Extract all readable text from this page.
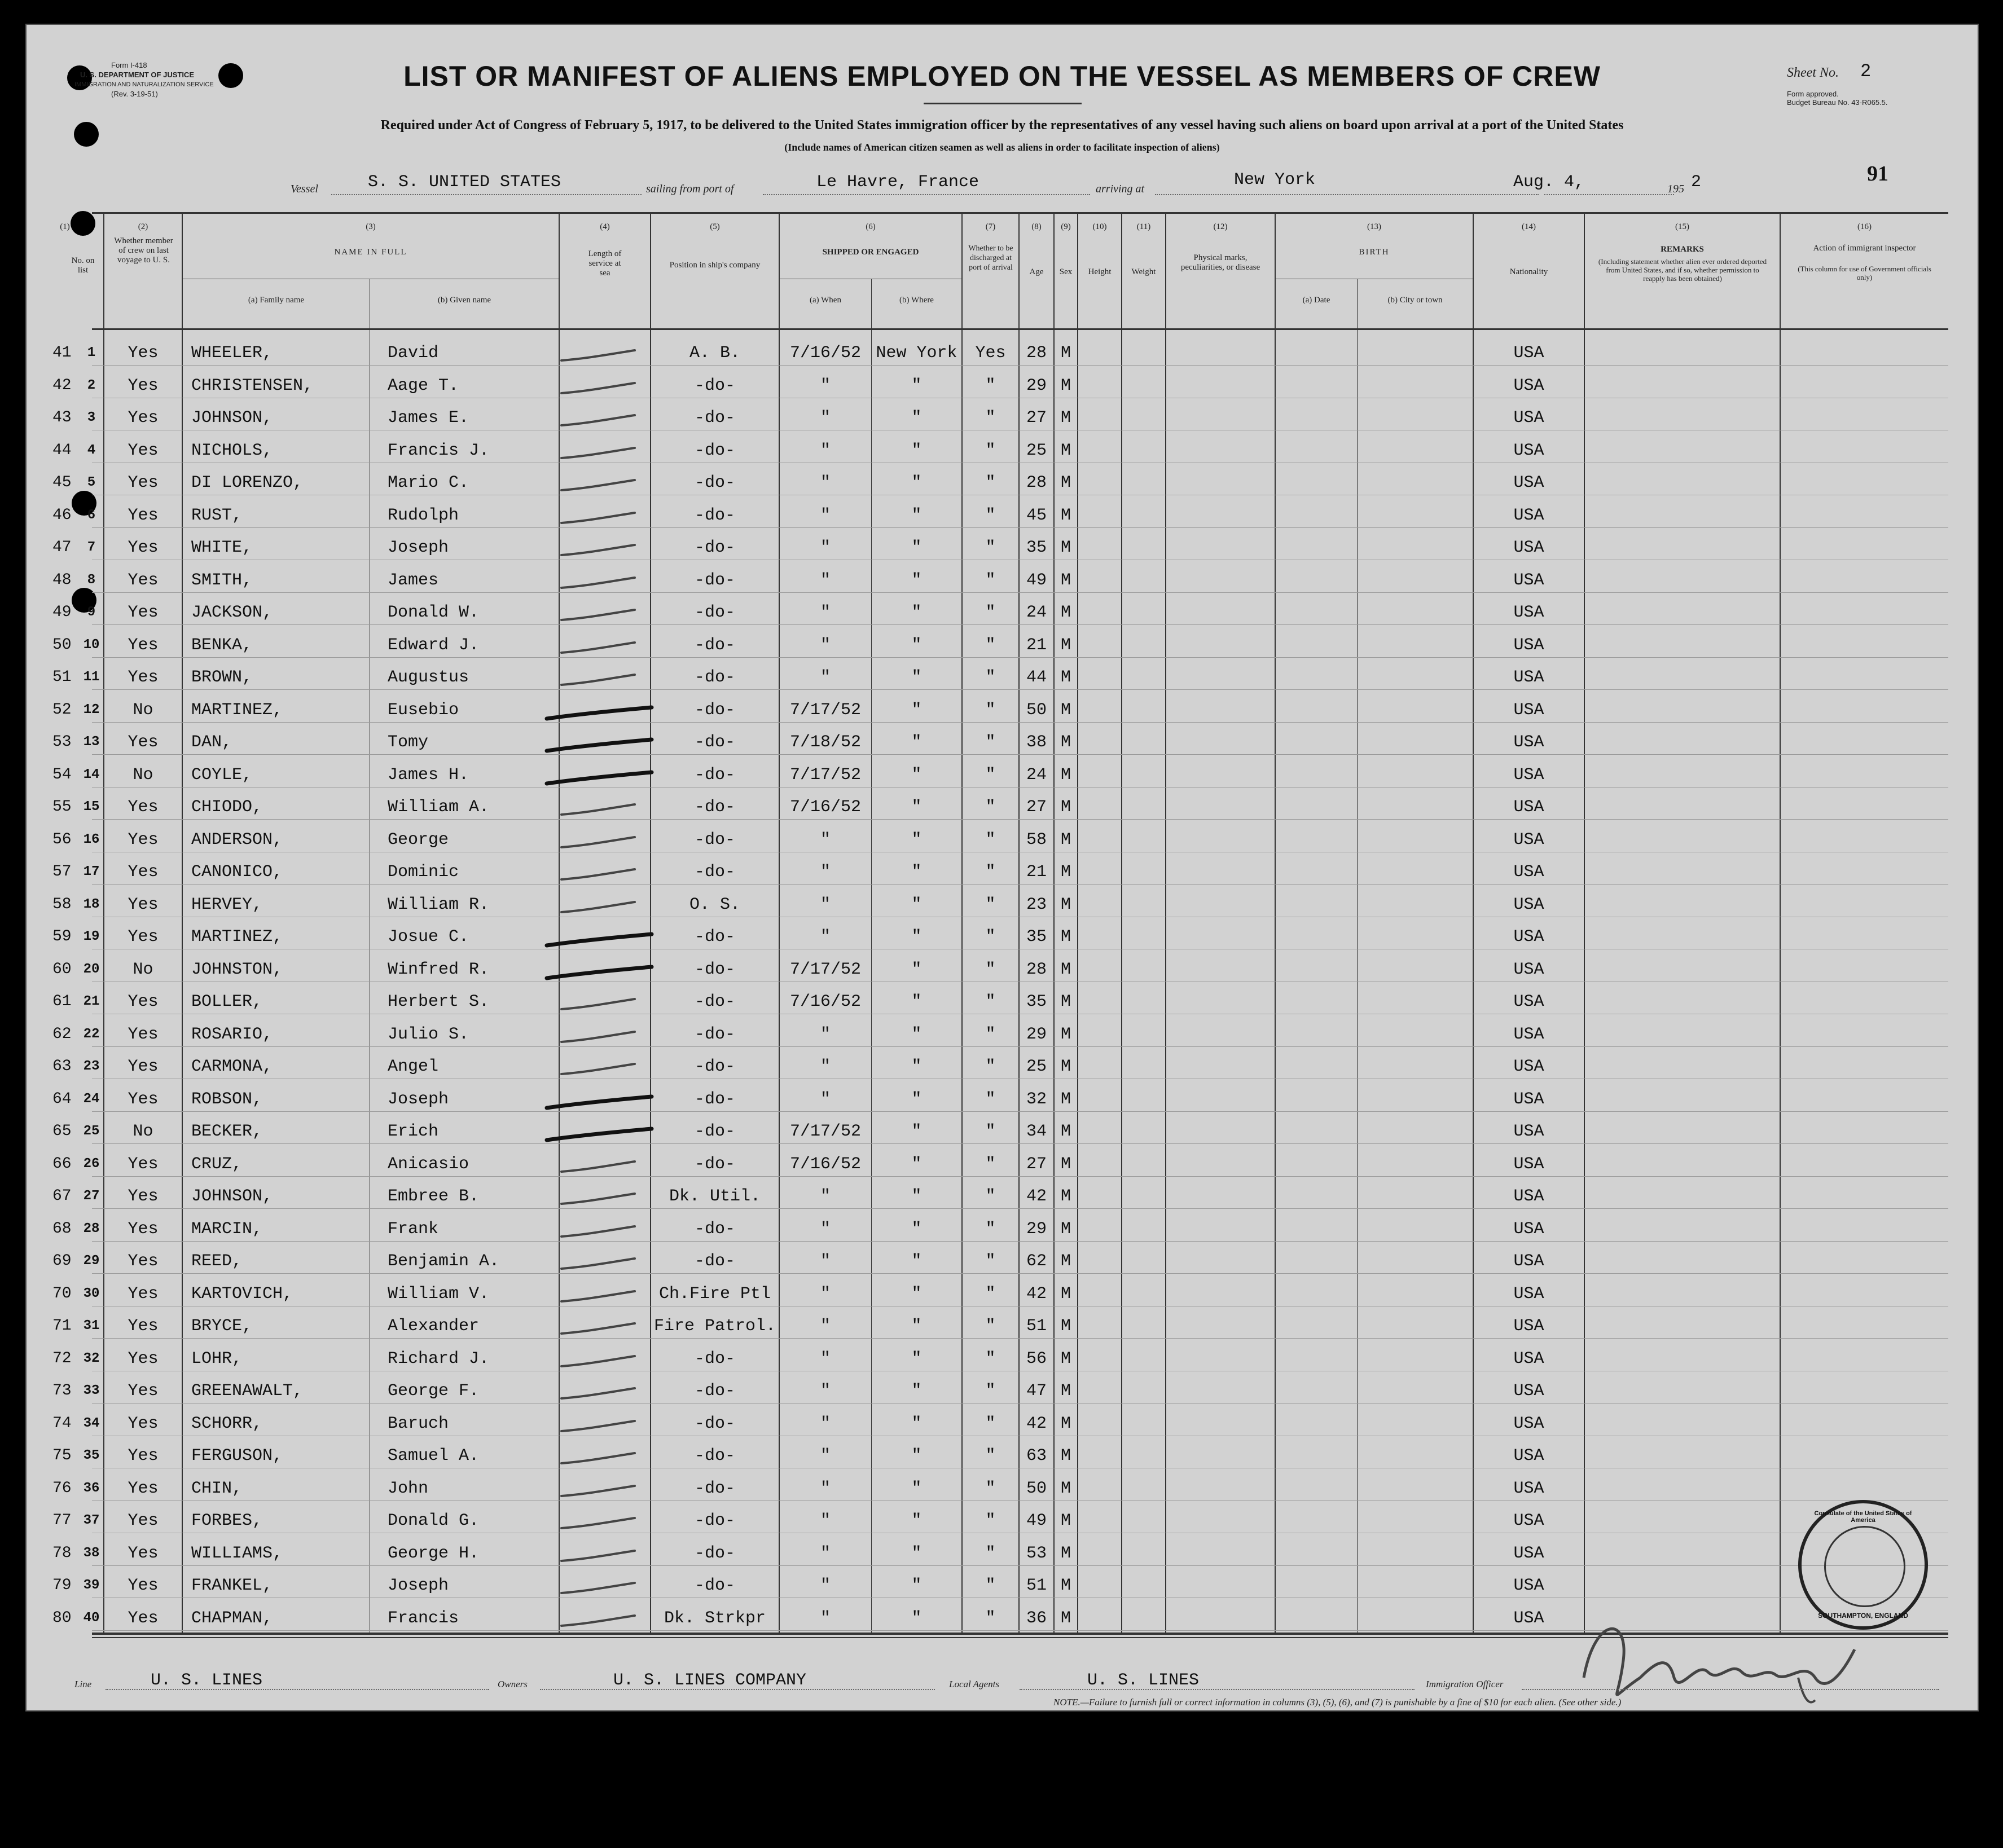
Form I-418
U. S. DEPARTMENT OF JUSTICE
IMMIGRATION AND NATURALIZATION SERVICE
(Rev. 3-19-51)
Sheet No. 2
Form approved.
Budget Bureau No. 43-R065.5.
91
LIST OR MANIFEST OF ALIENS EMPLOYED ON THE VESSEL AS MEMBERS OF CREW
Required under Act of Congress of February 5, 1917, to be delivered to the United States immigration officer by the representatives of any vessel having such aliens on board upon arrival at a port of the United States
(Include names of American citizen seamen as well as aliens in order to facilitate inspection of aliens)
Vessel	S. S. UNITED STATES	sailing from port of	Le Havre, France	arriving at	New York	Aug. 4,	195 2
(1)
No. on list
(2)
Whether member of crew on last voyage to U. S.
(3)
NAME IN FULL
(a) Family name	(b) Given name
(4)
Length of service at sea
(5)
Position in ship's company
(6)
SHIPPED OR ENGAGED
(a) When	(b) Where
(7)
Whether to be discharged at port of arrival
(8)
Age
(9)
Sex
(10)
Height
(11)
Weight
(12)
Physical marks, peculiarities, or disease
(13)
BIRTH
(a) Date	(b) City or town
(14)
Nationality
(15)
REMARKS
(Including statement whether alien ever ordered deported from United States, and if so, whether permission to reapply has been obtained)
(16)
Action of immigrant inspector
(This column for use of Government officials only)
41	1	Yes	WHEELER,	David	A. B.	7/16/52 New York	Yes	28 M	USA
42	2	Yes	CHRISTENSEN,	Aage T.	-do-	"	"	"	29 M	USA
43	3	Yes	JOHNSON,	James E.	-do-	"	"	"	27 M	USA
44	4	Yes	NICHOLS,	Francis J.	-do-	"	"	"	25 M	USA
45	5	Yes	DI LORENZO,	Mario C.	-do-	"	"	"	28 M	USA
46	6	Yes	RUST,	Rudolph	-do-	"	"	"	45 M	USA
47	7	Yes	WHITE,	Joseph	-do-	"	"	"	35 M	USA
48	8	Yes	SMITH,	James	-do-	"	"	"	49 M	USA
49	9	Yes	JACKSON,	Donald W.	-do-	"	"	"	24 M	USA
50 10	Yes	BENKA,	Edward J.	-do-	"	"	"	21 M	USA
51 11	Yes	BROWN,	Augustus	-do-	"	"	"	44 M	USA
52 12	No	MARTINEZ,	Eusebio	-do-	7/17/52	"	"	50 M	USA
53 13	Yes	DAN,	Tomy	-do-	7/18/52	"	"	38 M	USA
54 14	No	COYLE,	James H.	-do-	7/17/52	"	"	24 M	USA
55 15	Yes	CHIODO,	William A.	-do-	7/16/52	"	"	27 M	USA
56 16	Yes	ANDERSON,	George	-do-	"	"	"	58 M	USA
57 17	Yes	CANONICO,	Dominic	-do-	"	"	"	21 M	USA
58 18	Yes	HERVEY,	William R.	O. S.	"	"	"	23 M	USA
59 19	Yes	MARTINEZ,	Josue C.	-do-	"	"	"	35 M	USA
60 20	No	JOHNSTON,	Winfred R.	-do-	7/17/52	"	"	28 M	USA
61 21	Yes	BOLLER,	Herbert S.	-do-	7/16/52	"	"	35 M	USA
62 22	Yes	ROSARIO,	Julio S.	-do-	"	"	"	29 M	USA
63 23	Yes	CARMONA,	Angel	-do-	"	"	"	25 M	USA
64 24	Yes	ROBSON,	Joseph	-do-	"	"	"	32 M	USA
65 25	No	BECKER,	Erich	-do-	7/17/52	"	"	34 M	USA
66 26	Yes	CRUZ,	Anicasio	-do-	7/16/52	"	"	27 M	USA
67 27	Yes	JOHNSON,	Embree B.	Dk. Util.	"	"	"	42 M	USA
68 28	Yes	MARCIN,	Frank	-do-	"	"	"	29 M	USA
69 29	Yes	REED,	Benjamin A.	-do-	"	"	"	62 M	USA
70 30	Yes	KARTOVICH,	William V.	Ch.Fire Ptl	"	"	"	42 M	USA
71 31	Yes	BRYCE,	Alexander	Fire Patrol.	"	"	"	51 M	USA
72 32	Yes	LOHR,	Richard J.	-do-	"	"	"	56 M	USA
73 33	Yes	GREENAWALT,	George F.	-do-	"	"	"	47 M	USA
74 34	Yes	SCHORR,	Baruch	-do-	"	"	"	42 M	USA
75 35	Yes	FERGUSON,	Samuel A.	-do-	"	"	"	63 M	USA
76 36	Yes	CHIN,	John	-do-	"	"	"	50 M	USA
77 37	Yes	FORBES,	Donald G.	-do-	"	"	"	49 M	USA
78 38	Yes	WILLIAMS,	George H.	-do-	"	"	"	53 M	USA
79 39	Yes	FRANKEL,	Joseph	-do-	"	"	"	51 M	USA
80 40	Yes	CHAPMAN,	Francis	Dk. Strkpr	"	"	"	36 M	USA
Consulate of the United States of America
SOUTHAMPTON, ENGLAND
Line	U. S. LINES	Owners	U. S. LINES COMPANY	Local Agents	U. S. LINES	Immigration Officer
NOTE.—Failure to furnish full or correct information in columns (3), (5), (6), and (7) is punishable by a fine of $10 for each alien. (See other side.)
